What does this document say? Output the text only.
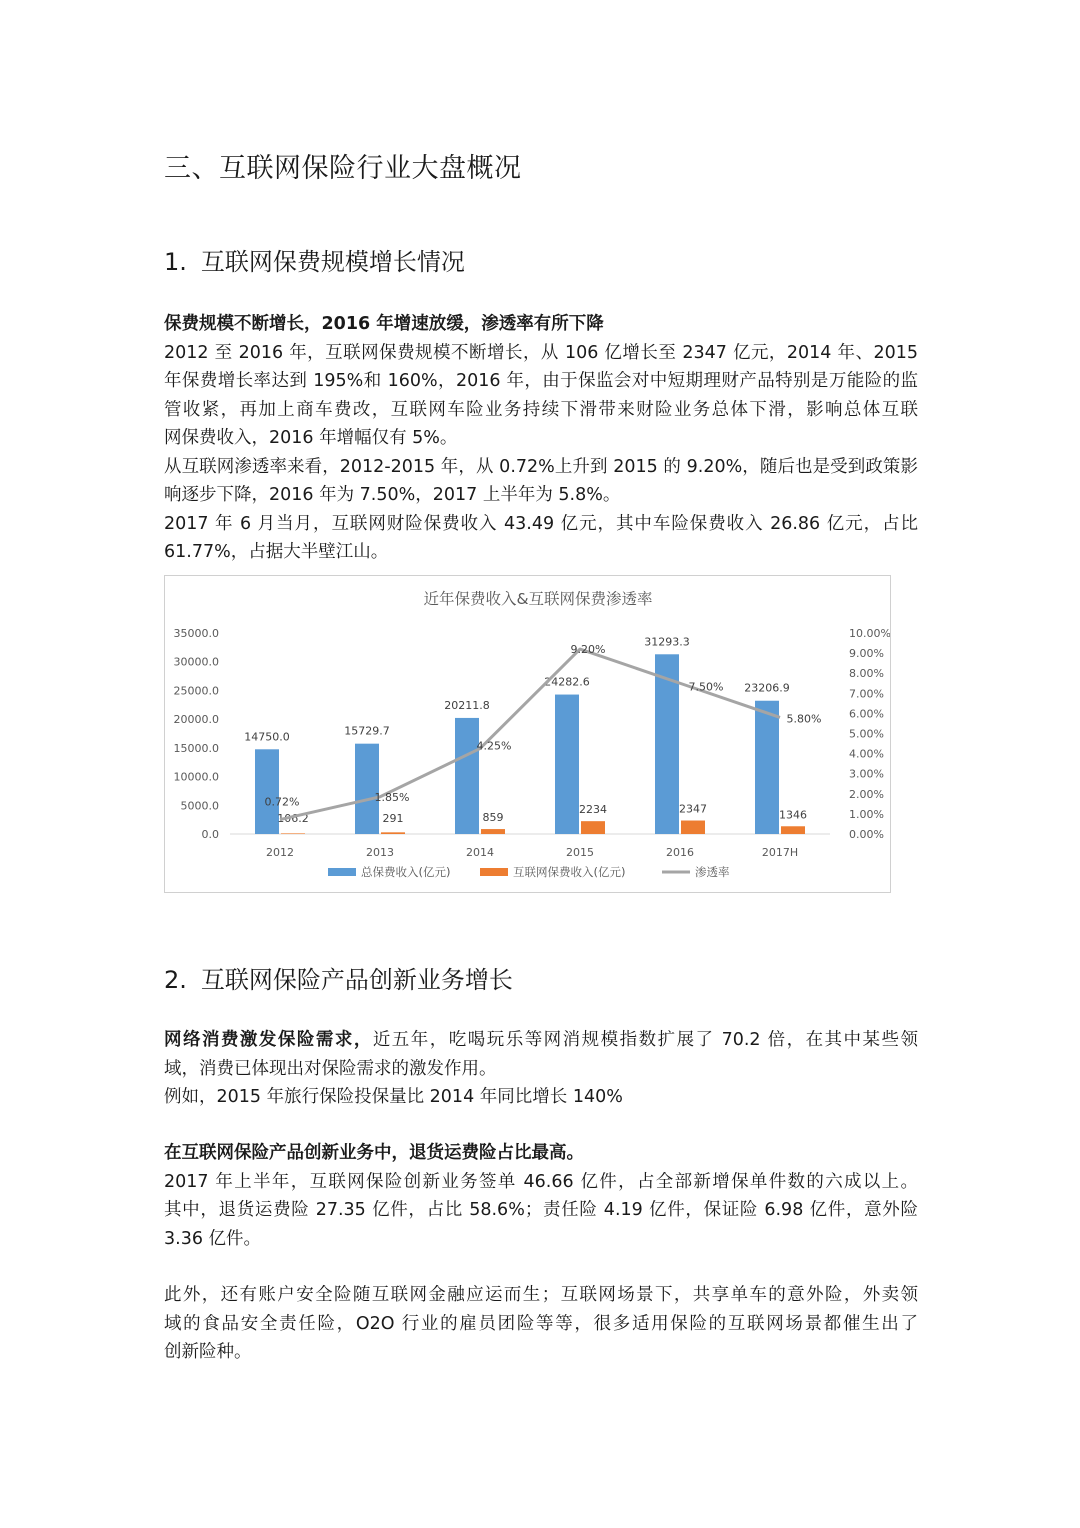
三、互联网保险行业大盘概况
1. 互联网保费规模增长情况
保费规模不断增长，2016 年增速放缓，渗透率有所下降
2012 至 2016 年，互联网保费规模不断增长，从 106 亿增长至 2347 亿元，2014 年、2015
年保费增长率达到 195%和 160%，2016 年，由于保监会对中短期理财产品特别是万能险的监
管收紧，再加上商车费改，互联网车险业务持续下滑带来财险业务总体下滑，影响总体互联
网保费收入，2016 年增幅仅有 5%。
从互联网渗透率来看，2012-2015 年，从 0.72%上升到 2015 的 9.20%，随后也是受到政策影
响逐步下降，2016 年为 7.50%，2017 上半年为 5.8%。
2017 年 6 月当月，互联网财险保费收入 43.49 亿元，其中车险保费收入 26.86 亿元，占比
61.77%，占据大半壁江山。
2. 互联网保险产品创新业务增长
网络消费激发保险需求，近五年，吃喝玩乐等网消规模指数扩展了 70.2 倍，在其中某些领
域，消费已体现出对保险需求的激发作用。
例如，2015 年旅行保险投保量比 2014 年同比增长 140%
在互联网保险产品创新业务中，退货运费险占比最高。
2017 年上半年，互联网保险创新业务签单 46.66 亿件，占全部新增保单件数的六成以上。
其中，退货运费险 27.35 亿件，占比 58.6%；责任险 4.19 亿件，保证险 6.98 亿件，意外险
3.36 亿件。
此外，还有账户安全险随互联网金融应运而生；互联网场景下，共享单车的意外险，外卖领
域的食品安全责任险，O2O 行业的雇员团险等等，很多适用保险的互联网场景都催生出了
创新险种。
近年保费收入&互联网保费渗透率
35000.0
30000.0
25000.0
20000.0
15000.0
10000.0
5000.0
0.0
10.00%
9.00%
8.00%
7.00%
6.00%
5.00%
4.00%
3.00%
2.00%
1.00%
0.00%
2012	2013	2014	2015	2016	2017H
14750.0	15729.7
20211.8
24282.6
31293.3
23206.9
106.2	291	859
2234	2347	1346
0.72%	1.85%
4.25%
9.20%
7.50%
5.80%
总保费收入(亿元)	互联网保费收入(亿元)	渗透率
